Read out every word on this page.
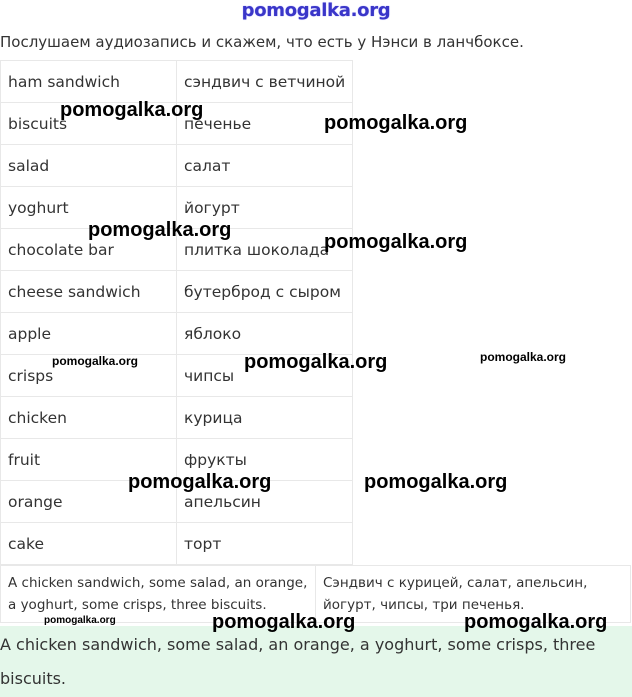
pomogalka.org
Послушаем аудиозапись и скажем, что есть у Нэнси в ланчбоксе.
ham sandwich	сэндвич с ветчиной
biscuits	печенье
salad	салат
yoghurt	йогурт
chocolate bar	плитка шоколада
cheese sandwich	бутерброд с сыром
apple	яблоко
crisps	чипсы
chicken	курица
fruit	фрукты
orange	апельсин
cake	торт
A chicken sandwich, some salad, an orange, a yoghurt, some crisps, three biscuits.	Сэндвич с курицей, салат, апельсин, йогурт, чипсы, три печенья.
A chicken sandwich, some salad, an orange, a yoghurt, some crisps, three biscuits.
pomogalka.org
pomogalka.org
pomogalka.org
pomogalka.org
pomogalka.org	pomogalka.org	pomogalka.org
pomogalka.org	pomogalka.org
pomogalka.org	pomogalka.org	pomogalka.org
